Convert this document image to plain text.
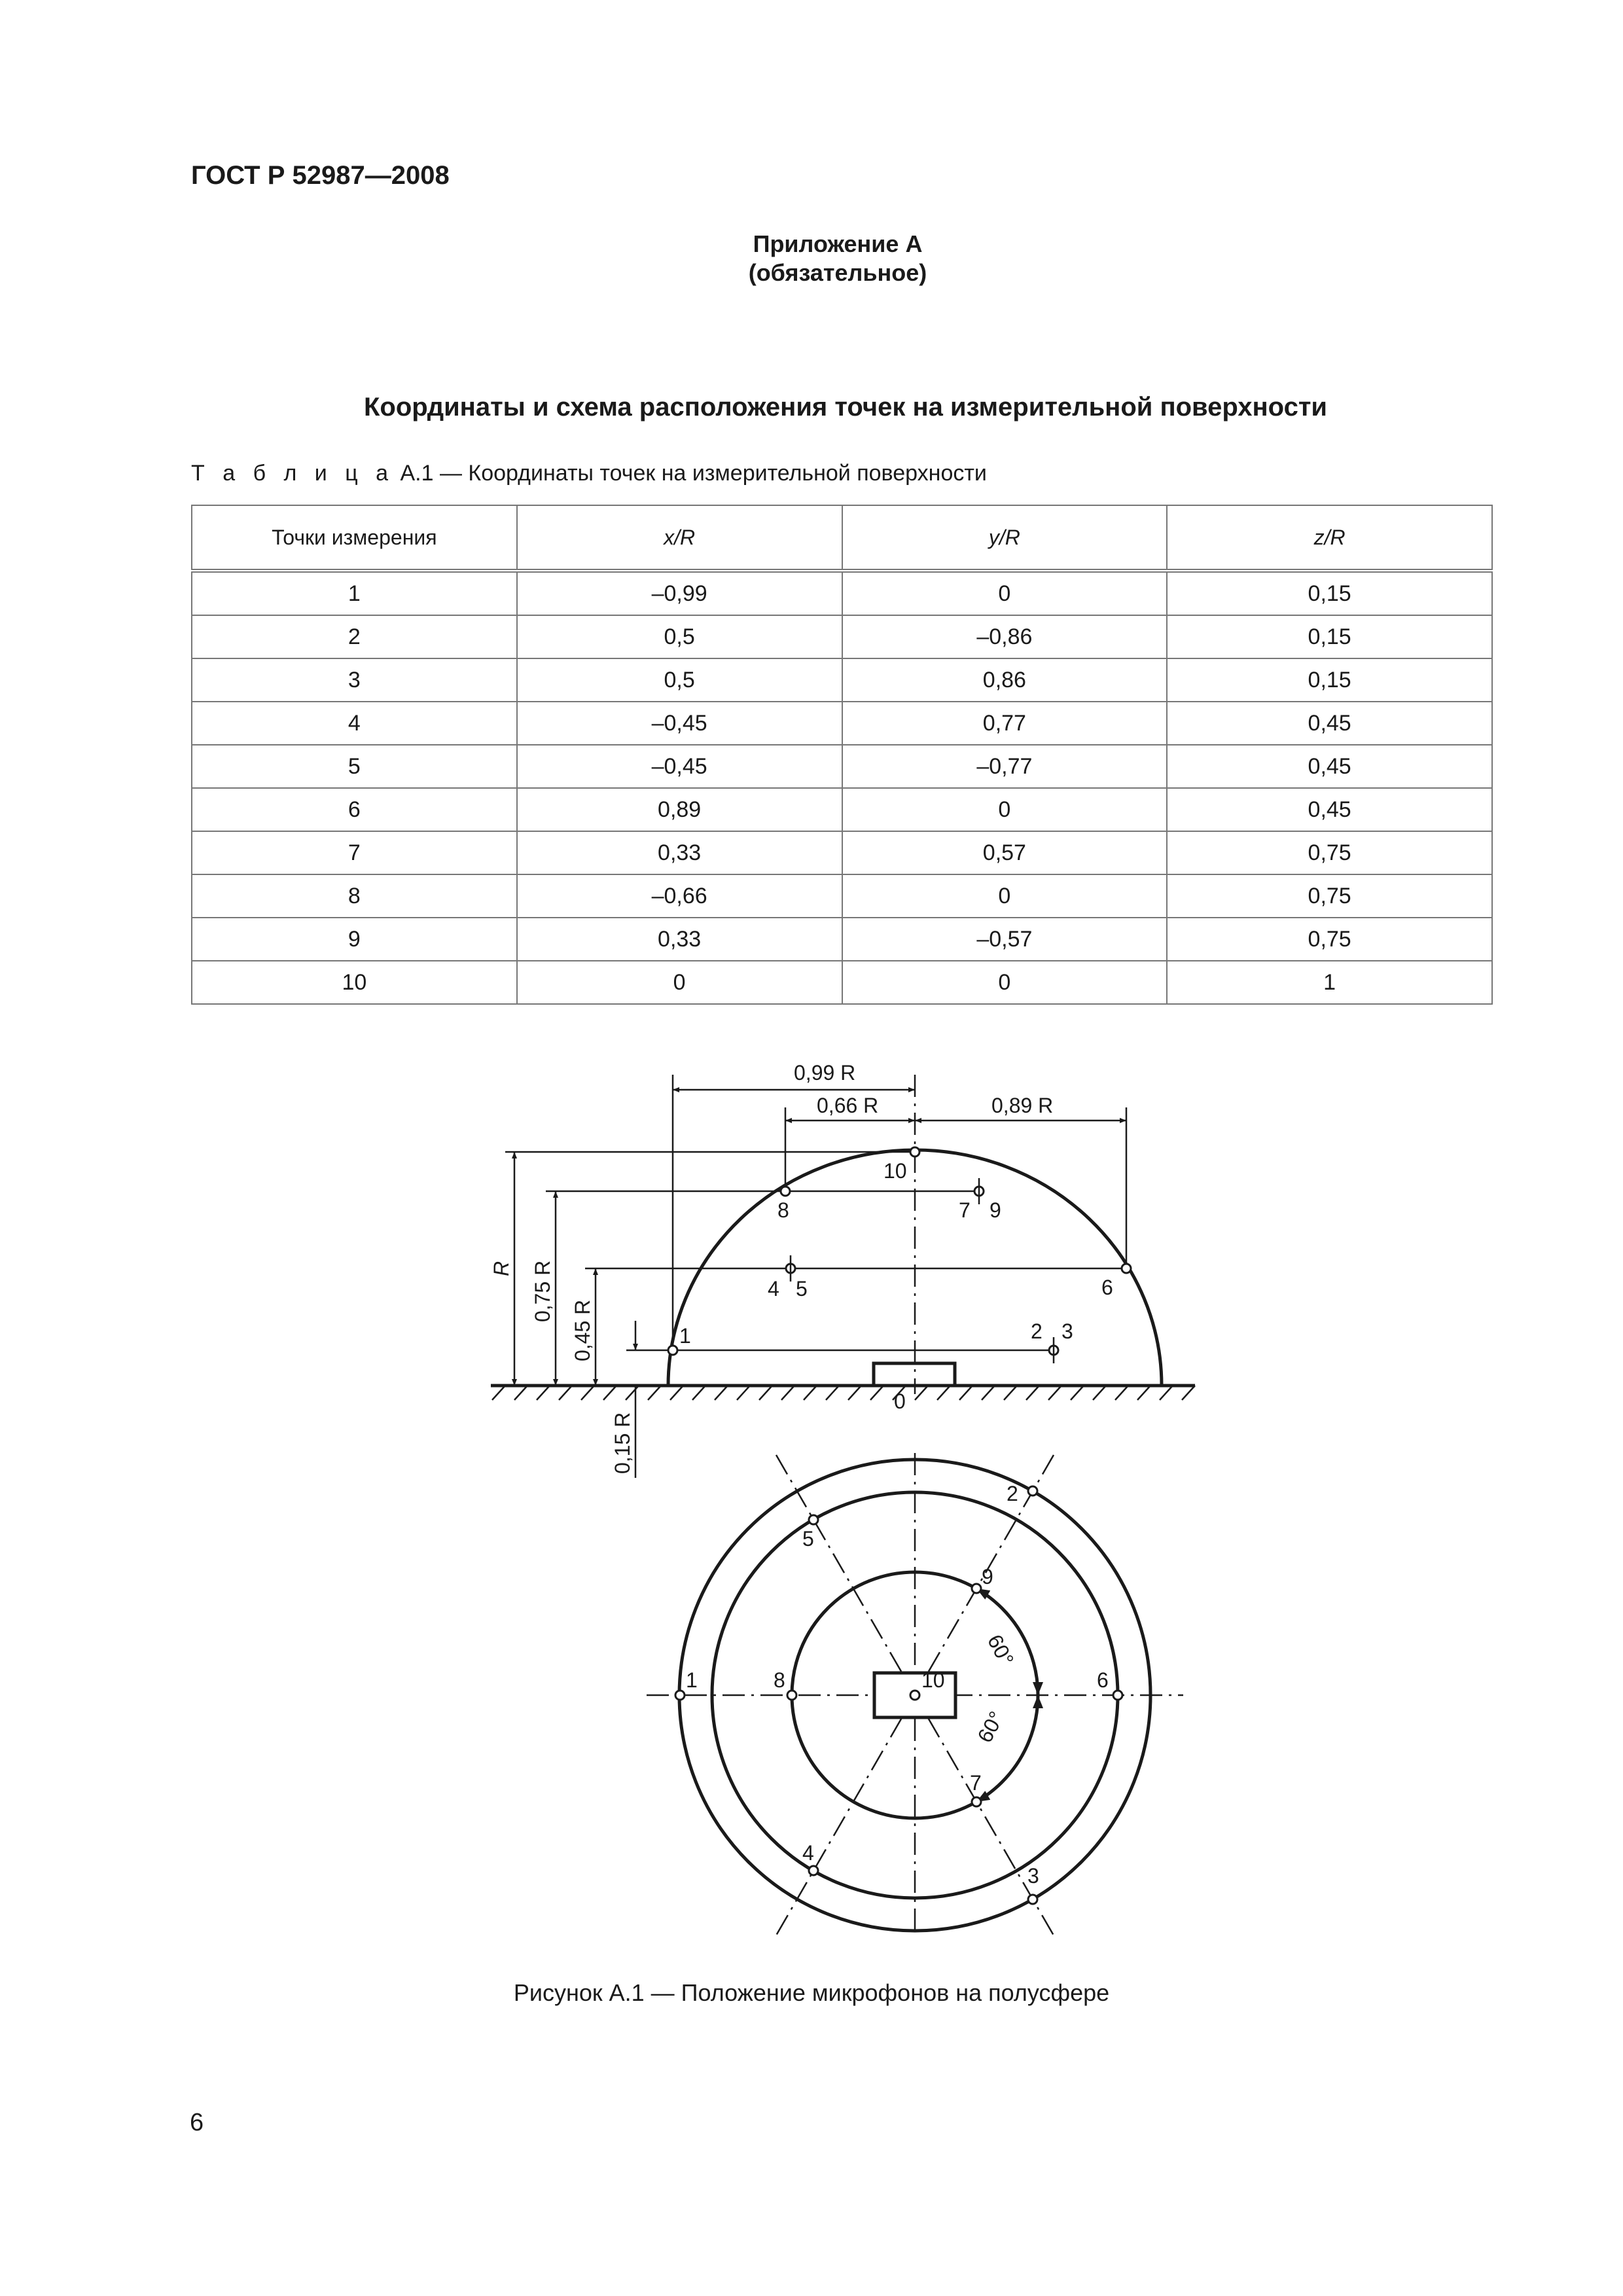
ГОСТ Р 52987—2008
Приложение А
(обязательное)
Координаты и схема расположения точек на измерительной поверхности
Т а б л и ц а А.1 — Координаты точек на измерительной поверхности
Точки измерения	x/R	y/R	z/R
1	–0,99	0	0,15
2	0,5	–0,86	0,15
3	0,5	0,86	0,15
4	–0,45	0,77	0,45
5	–0,45	–0,77	0,45
6	0,89	0	0,45
7	0,33	0,57	0,75
8	–0,66	0	0,75
9	0,33	–0,57	0,75
10	0	0	1
0,99 R
0,66 R	0,89 R
R 0,75 R
0,45 R
0,15 R
1	2 3
4 5	6
7 9
8
10
0
60°
60°
1
2
3
4
5
6
7
8
9
10
Рисунок А.1 — Положение микрофонов на полусфере
6
